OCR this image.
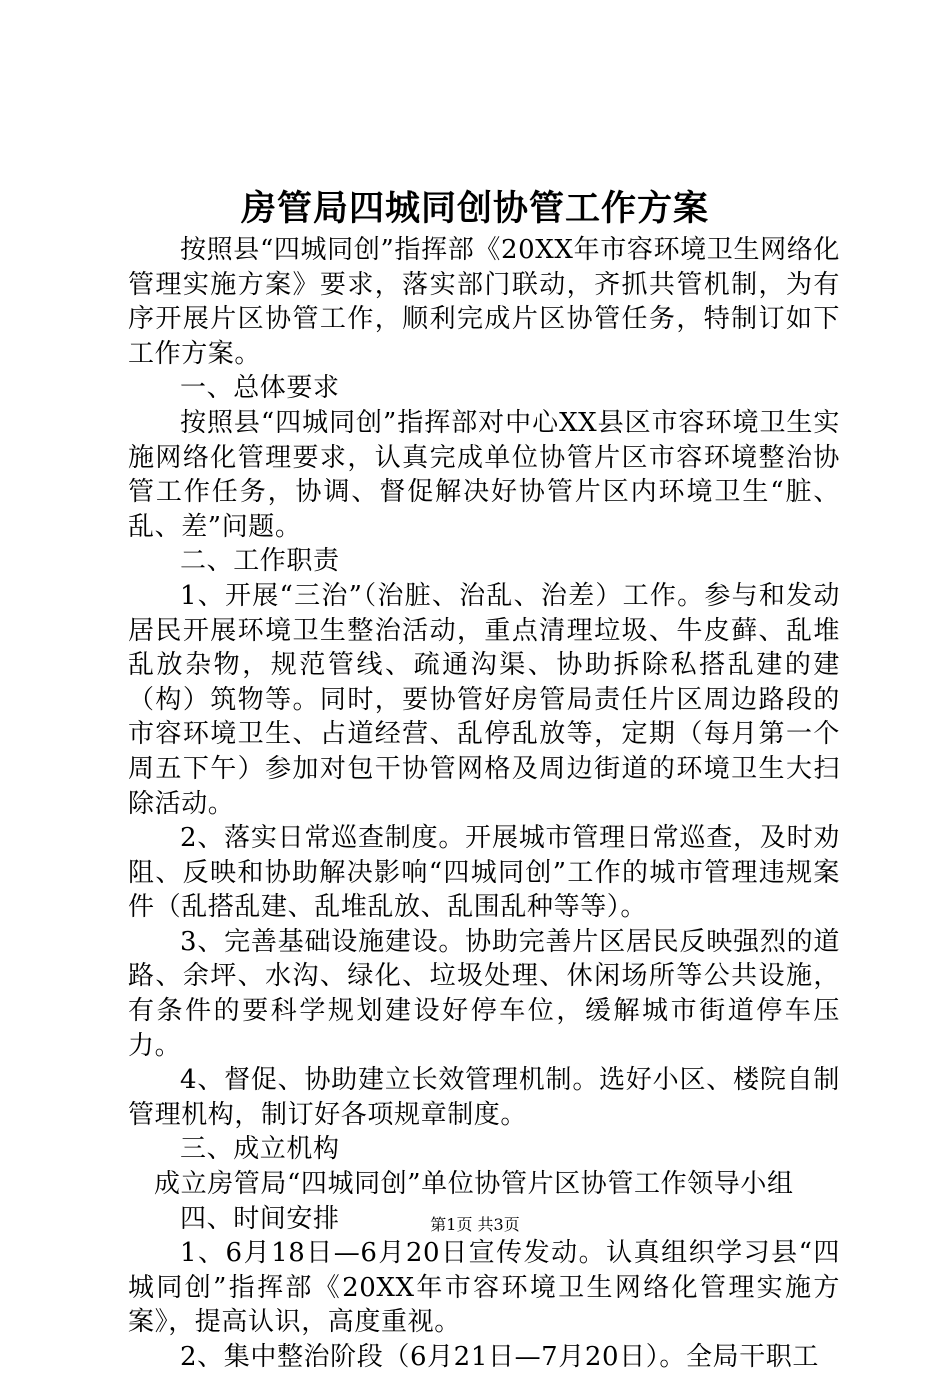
房管局四城同创协管工作方案

按照县“四城同创”指挥部《20XX年市容环境卫生网络化管理实施方案》要求，落实部门联动，齐抓共管机制，为有序开展片区协管工作，顺利完成片区协管任务，特制订如下工作方案。

一、总体要求

按照县“四城同创”指挥部对中心XX县区市容环境卫生实施网络化管理要求，认真完成单位协管片区市容环境整治协管工作任务，协调、督促解决好协管片区内环境卫生“脏、乱、差”问题。

二、工作职责

1、开展“三治”（治脏、治乱、治差）工作。参与和发动居民开展环境卫生整治活动，重点清理垃圾、牛皮藓、乱堆乱放杂物，规范管线、疏通沟渠、协助拆除私搭乱建的建（构）筑物等。同时，要协管好房管局责任片区周边路段的市容环境卫生、占道经营、乱停乱放等，定期（每月第一个周五下午）参加对包干协管网格及周边街道的环境卫生大扫除活动。

2、落实日常巡查制度。开展城市管理日常巡查，及时劝阻、反映和协助解决影响“四城同创”工作的城市管理违规案件（乱搭乱建、乱堆乱放、乱围乱种等等）。

3、完善基础设施建设。协助完善片区居民反映强烈的道路、余坪、水沟、绿化、垃圾处理、休闲场所等公共设施，有条件的要科学规划建设好停车位，缓解城市街道停车压力。

4、督促、协助建立长效管理机制。选好小区、楼院自制管理机构，制订好各项规章制度。

三、成立机构

成立房管局“四城同创”单位协管片区协管工作领导小组

四、时间安排

1、6月18日—6月20日宣传发动。认真组织学习县“四城同创”指挥部《20XX年市容环境卫生网络化管理实施方案》，提高认识，高度重视。

2、集中整治阶段（6月21日—7月20日）。全局干职工

第1页 共3页
